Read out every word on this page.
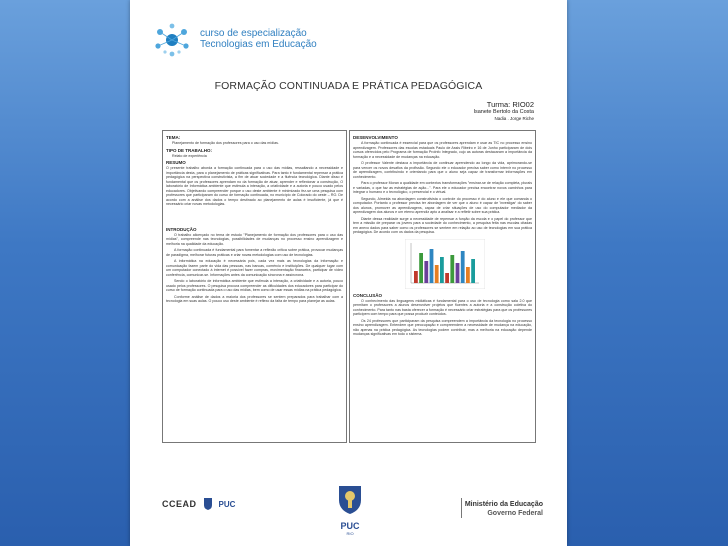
curso de especialização
Tecnologias em Educação
FORMAÇÃO CONTINUADA E PRÁTICA PEDAGÓGICA
Turma: RIO02
Isanete Bertolo da Costa
Nadia . Jorge Riche
TEMA:

Planejamento de formação dos professores para o uso das mídias.

TIPO DE TRABALHO:

Relato de experiência

RESUMO

O presente trabalho aborda a formação continuada para o uso das mídias, ressaltando a necessidade e importância desta, para o planejamento de práticas significativas. Para tanto é fundamental repensar a prática pedagógica na perspectiva construtivista, a fim de atuar sociedade e a fluência tecnológica. Diante disso é fundamental que os professores aprendam no da formação de atuar, aprender e reflexionar a construção, O laboratório de Informática ambiente que estimula a interação, a criatividade e a autoria e pouco usado pelos educadores. Objetivando compreender porque o uso deste ambiente é minimizado fez-se uma pesquisa com professores que participaram do curso de formação continuada, no município de Colorado do oeste – RO. De acordo com a análise dos dados o tempo destinado ao planejamento de aulas é insuficiente, já que é necessário criar novas metodologias.

INTRODUÇÃO

O trabalho alicerçado no tema de estudo "Planejamento de formação dos professores para o uso das mídias", compreende nas tecnologias, possibilidades de mudanças no processo ensino aprendizagem e melhoria na qualidade da educação.

A formação continuada é fundamental para fomentar a reflexão crítica sobre prática, provocar mudanças de paradigma, melhorar futuras práticas e criar novas metodologias com uso de tecnologias.

A informática na educação é necessária pois, cada vez mais as tecnologias da informação e comunicação fazem parte do vida das pessoas, nas bancas, comércio e instituições. De qualquer lugar com um computador conectado à internet é possível fazer compras, movimentação financeira, participar de vídeo conferência, comunicar-se. Informações antes da comunicação síncrona e assíncrona.

Sendo o laboratório de informática ambiente que estimula a interação, a criatividade e a autoria, pouco usado pelos professores. O pesquisa procura compreender as dificuldades dos educadores para participar do curso de formação continuada para o uso das mídias, bem como de usar essas mídias na prática pedagógica.

Conforme análise de dados a maioria dos professores se sentem preparados para trabalhar com a tecnologia em suas aulas. O pouco uso deste ambiente é reflexo da falta de tempo para planejar as aulas.

DESENVOLVIMENTO

A formação continuada é essencial para que os professores aprendam e usar as TIC no processo ensino aprendizagem. Professores das escolas estaduais Paulo de Assis Ribeiro e 16 de Junho participaram de dois cursos oferecidos pelo Programa de formação ProInfo Integrado, cujo as autoras destacaram a importância da formação e a necessidade de mudanças na educação.

O professor Valente destaca a importância de continuar aprendendo ao longo da vida, aprimorando-se para vencer os novos desafios da profissão. Segundo ele o educador precisa saber como intervir no processo de aprendizagem, contribuindo e orientando para que o aluno seja capaz de transformar informações em conhecimento.

Para o professor Moran a qualidade em contextos transformações "ensinar-se de relação completa, plurais e variadas, o que faz as estratégias de ação...". Para ele o educador precisa encontrar novos caminhos para integrar o humano e o tecnológico, o presencial e o virtual.

Segundo, Almeida na abordagem construtivista o controle do processo é do aluno e ele que comanda o computador. Portanto o professor precisa ter abordagem de ver que o aluno é capaz de 'investigar' do saber dos alunos, promover as aprendizagens, capaz de criar situações de uso do computador mediador da aprendizagem dos alunos e um eterno aprendiz apto a analisar e a refletir sobre sua prática.

Diante dessa realidade surge a necessidade de repensar a função da escola e o papel do professor que tem a missão de preparar os jovens para a sociedade do conhecimento, a pesquisa feita nas escolas citadas em anexo dados para saber como os professores se sentem em relação ao uso de tecnologias em sua prática pedagógica. De acordo com os dados da pesquisa.

CONCLUSÃO

O conhecimento das linguagens midiáticas é fundamental para o uso de tecnologia como sala 2.0 que permitam o professores a alunos desenvolver projetos que fluentes a autoria e a construção coletiva do conhecimento. Para tanto nas basta oferecer a formação é necessário criar estratégias para que os professores participem com tempo para que possa produzir conteúdos.

Os 24 professores que participaram da pesquisa compreendem a importância da tecnologia no processo ensino aprendizagem. Entendem que preocupação e compreendem a necessidade de mudança na educação, não apenas na prática pedagógica. As tecnologias podem contribuir, mas a melhoria na educação depende mudanças significativas em todo o sistema.

CCEAD	PUC
PUC
RIO
Ministério da Educação
Governo Federal
